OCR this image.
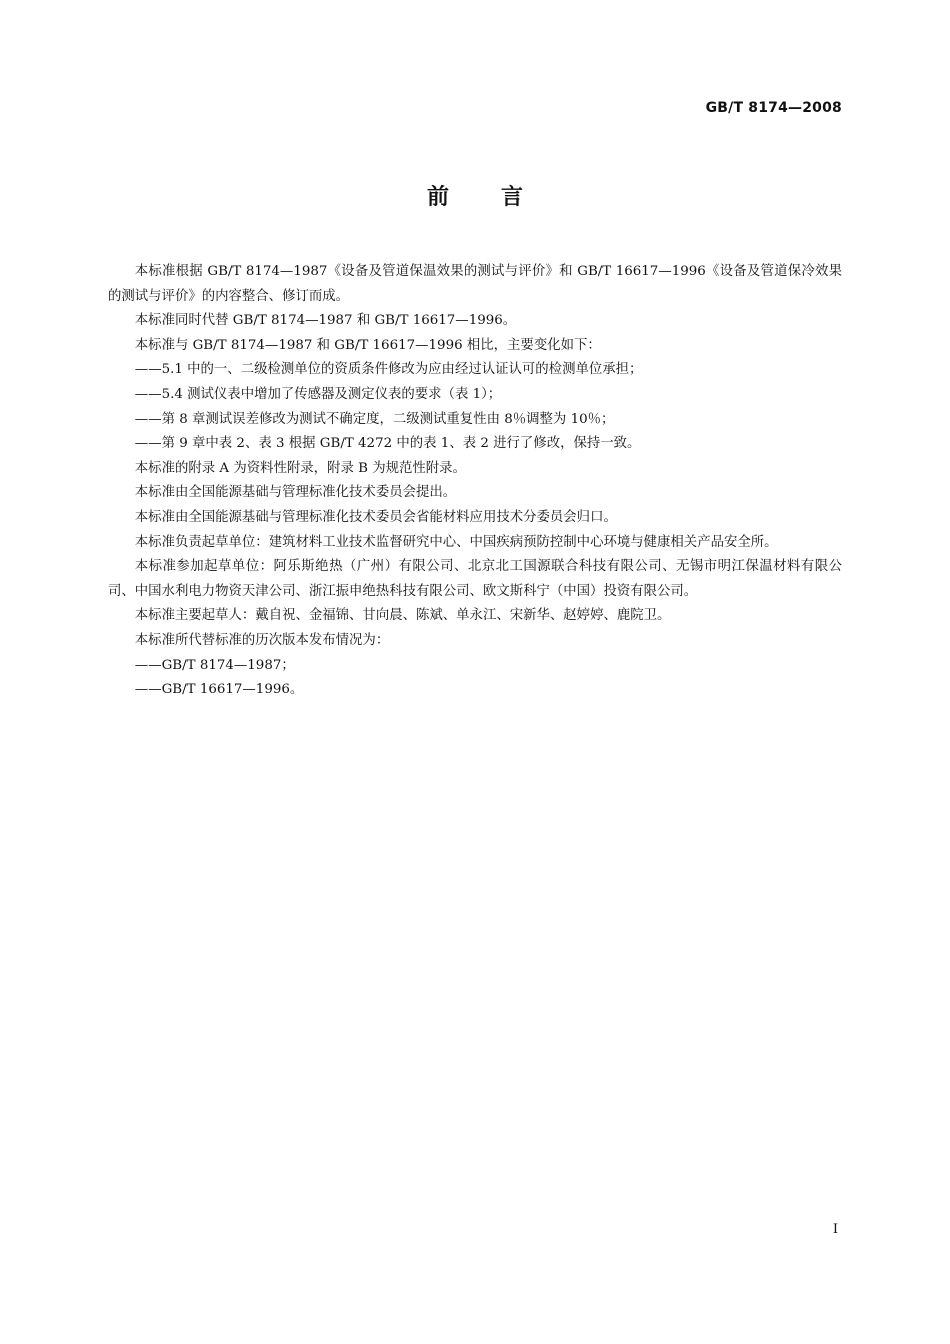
GB/T 8174—2008
前 言

本标准根据 GB/T 8174—1987《设备及管道保温效果的测试与评价》和 GB/T 16617—1996《设备及管道保冷效果的测试与评价》的内容整合、修订而成。

本标准同时代替 GB/T 8174—1987 和 GB/T 16617—1996。

本标准与 GB/T 8174—1987 和 GB/T 16617—1996 相比，主要变化如下：

——5.1 中的一、二级检测单位的资质条件修改为应由经过认证认可的检测单位承担；

——5.4 测试仪表中增加了传感器及测定仪表的要求（表 1）；

——第 8 章测试误差修改为测试不确定度，二级测试重复性由 8％调整为 10％；

——第 9 章中表 2、表 3 根据 GB/T 4272 中的表 1、表 2 进行了修改，保持一致。

本标准的附录 A 为资料性附录，附录 B 为规范性附录。

本标准由全国能源基础与管理标准化技术委员会提出。

本标准由全国能源基础与管理标准化技术委员会省能材料应用技术分委员会归口。

本标准负责起草单位：建筑材料工业技术监督研究中心、中国疾病预防控制中心环境与健康相关产品安全所。

本标准参加起草单位：阿乐斯绝热（广州）有限公司、北京北工国源联合科技有限公司、无锡市明江保温材料有限公司、中国水利电力物资天津公司、浙江振申绝热科技有限公司、欧文斯科宁（中国）投资有限公司。

本标准主要起草人：戴自祝、金福锦、甘向晨、陈斌、单永江、宋新华、赵婷婷、鹿院卫。

本标准所代替标准的历次版本发布情况为：

——GB/T 8174—1987；

——GB/T 16617—1996。

I
